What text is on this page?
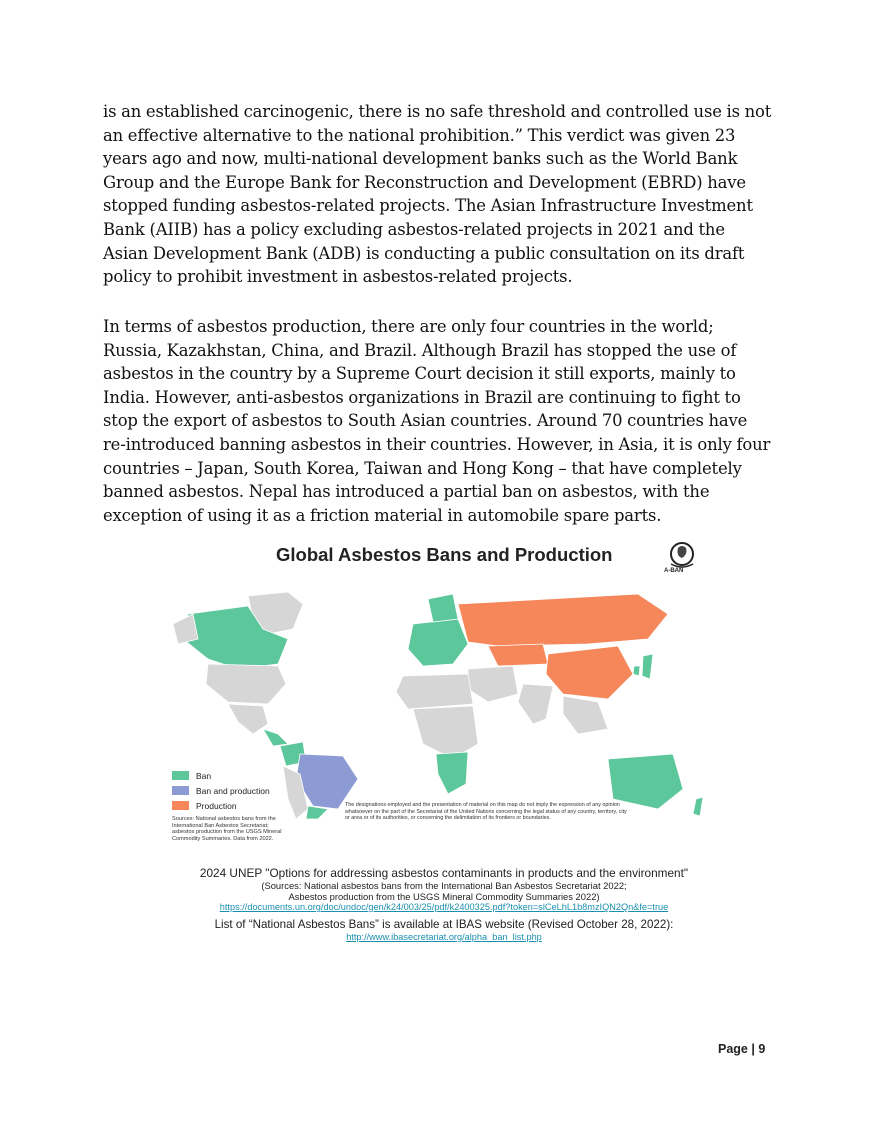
is an established carcinogenic, there is no safe threshold and controlled use is not an effective alternative to the national prohibition.” This verdict was given 23 years ago and now, multi-national development banks such as the World Bank Group and the Europe Bank for Reconstruction and Development (EBRD) have stopped funding asbestos-related projects. The Asian Infrastructure Investment Bank (AIIB) has a policy excluding asbestos-related projects in 2021 and the Asian Development Bank (ADB) is conducting a public consultation on its draft policy to prohibit investment in asbestos-related projects.

In terms of asbestos production, there are only four countries in the world; Russia, Kazakhstan, China, and Brazil. Although Brazil has stopped the use of asbestos in the country by a Supreme Court decision it still exports, mainly to India. However, anti-asbestos organizations in Brazil are continuing to fight to stop the export of asbestos to South Asian countries. Around 70 countries have re-introduced banning asbestos in their countries. However, in Asia, it is only four countries – Japan, South Korea, Taiwan and Hong Kong – that have completely banned asbestos. Nepal has introduced a partial ban on asbestos, with the exception of using it as a friction material in automobile spare parts.

Global Asbestos Bans and Production
A-BAN
Ban
Ban and production
Production
Sources: National asbestos bans from the International Ban Asbestos Secretariat; asbestos production from the USGS Mineral Commodity Summaries. Data from 2022.
The designations employed and the presentation of material on this map do not imply the expression of any opinion whatsoever on the part of the Secretariat of the United Nations concerning the legal status of any country, territory, city or area or of its authorities, or concerning the delimitation of its frontiers or boundaries.
2024 UNEP "Options for addressing asbestos contaminants in products and the environment"
(Sources: National asbestos bans from the International Ban Asbestos Secretariat 2022;
Asbestos production from the USGS Mineral Commodity Summaries 2022)
https://documents.un.org/doc/undoc/gen/k24/003/25/pdf/k2400325.pdf?token=slCeLhL1b8mzIQN2Qn&fe=true
List of “National Asbestos Bans” is available at IBAS website (Revised October 28, 2022):
http://www.ibasecretariat.org/alpha_ban_list.php
Page | 9
